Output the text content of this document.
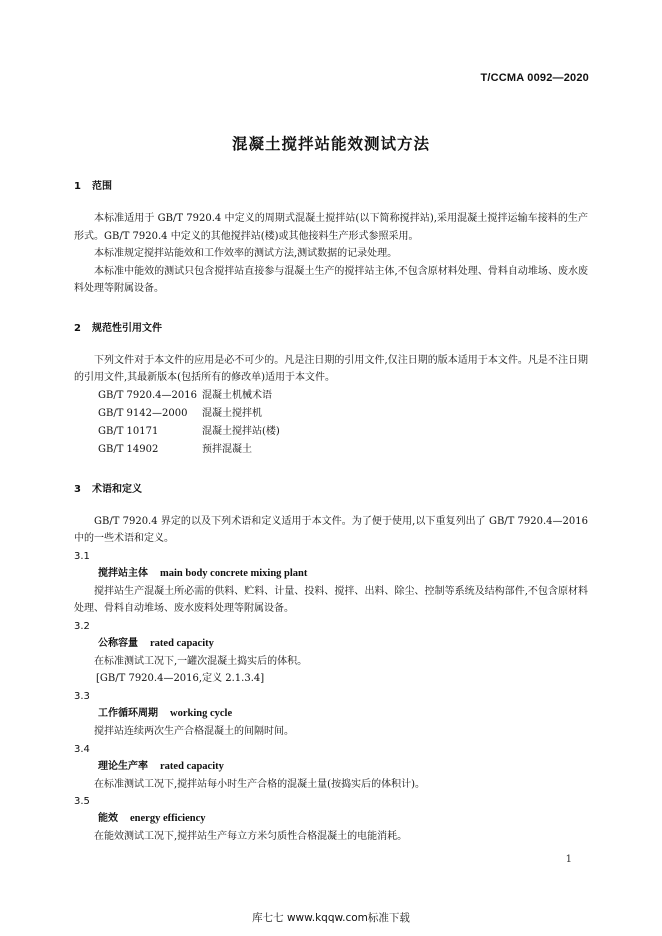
T/CCMA 0092—2020
混凝土搅拌站能效测试方法
1 范围

本标准适用于 GB/T 7920.4 中定义的周期式混凝土搅拌站(以下简称搅拌站),采用混凝土搅拌运输车接料的生产形式。GB/T 7920.4 中定义的其他搅拌站(楼)或其他接料生产形式参照采用。

本标准规定搅拌站能效和工作效率的测试方法,测试数据的记录处理。

本标准中能效的测试只包含搅拌站直接参与混凝土生产的搅拌站主体,不包含原材料处理、骨料自动堆场、废水废料处理等附属设备。

2 规范性引用文件

下列文件对于本文件的应用是必不可少的。凡是注日期的引用文件,仅注日期的版本适用于本文件。凡是不注日期的引用文件,其最新版本(包括所有的修改单)适用于本文件。

GB/T 7920.4—2016 混凝土机械术语

GB/T 9142—2000 混凝土搅拌机

GB/T 10171	混凝土搅拌站(楼)

GB/T 14902	预拌混凝土

3 术语和定义

GB/T 7920.4 界定的以及下列术语和定义适用于本文件。为了便于使用,以下重复列出了 GB/T 7920.4—2016 中的一些术语和定义。

3.1

搅拌站主体 main body concrete mixing plant

搅拌站生产混凝土所必需的供料、贮料、计量、投料、搅拌、出料、除尘、控制等系统及结构部件,不包含原材料处理、骨料自动堆场、废水废料处理等附属设备。

3.2

公称容量 rated capacity

在标准测试工况下,一罐次混凝土捣实后的体积。

[GB/T 7920.4—2016,定义 2.1.3.4]

3.3

工作循环周期 working cycle

搅拌站连续两次生产合格混凝土的间隔时间。

3.4

理论生产率 rated capacity

在标准测试工况下,搅拌站每小时生产合格的混凝土量(按捣实后的体积计)。

3.5

能效 energy efficiency

在能效测试工况下,搅拌站生产每立方米匀质性合格混凝土的电能消耗。

1
库七七 www.kqqw.com标准下载
